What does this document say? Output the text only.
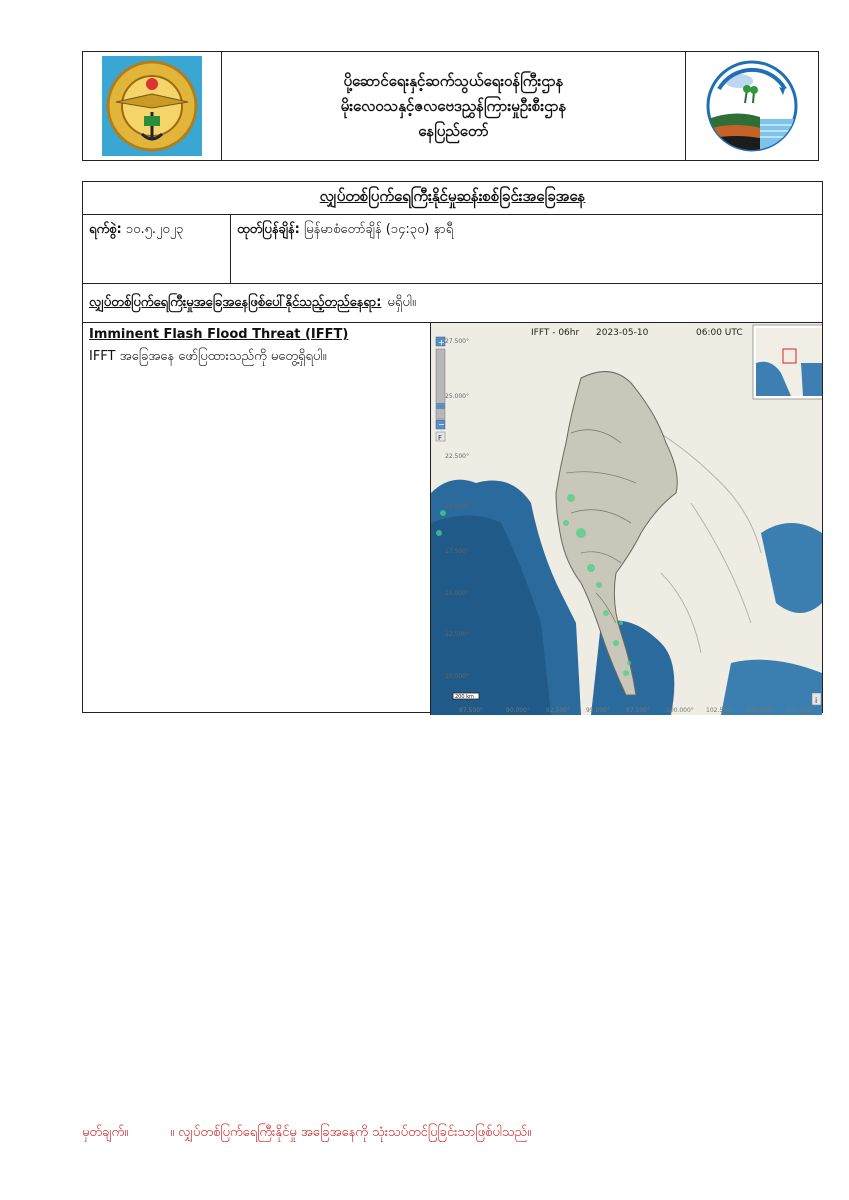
ပို့ဆောင်ရေးနှင့်ဆက်သွယ်ရေးဝန်ကြီးဌာန
မိုးလေဝသနှင့်ဇလဗေဒညွှန်ကြားမှုဦးစီးဌာန
နေပြည်တော်
လျှပ်တစ်ပြက်ရေကြီးနိုင်မှုဆန်းစစ်ခြင်းအခြေအနေ
ရက်စွဲ: ၁၀.၅.၂၀၂၃	ထုတ်ပြန်ချိန်: မြန်မာစံတော်ချိန် (၁၄:၃၀) နာရီ
လျှပ်တစ်ပြက်ရေကြီးမှုအခြေအနေဖြစ်ပေါ်နိုင်သည့်တည်နေရာ: မရှိပါ။
Imminent Flash Flood Threat (IFFT)
IFFT အခြေအနေ ဖော်ပြထားသည်ကို မတွေ့ရှိရပါ။
IFFT - 06hr 2023-05-10	06:00 UTC
27.500°
25.000°
22.500°
20.000°
17.500°
15.000°
12.500°
10.000°
87.500°	90.000°	92.500°	95.000°	97.500°	100.000° 102.500° 105.000° 107.500°
+
−
F
200 km	i
မှတ်ချက်။	။ လျှပ်တစ်ပြက်ရေကြီးနိုင်မှု အခြေအနေကို သုံးသပ်တင်ပြခြင်းသာဖြစ်ပါသည်။
